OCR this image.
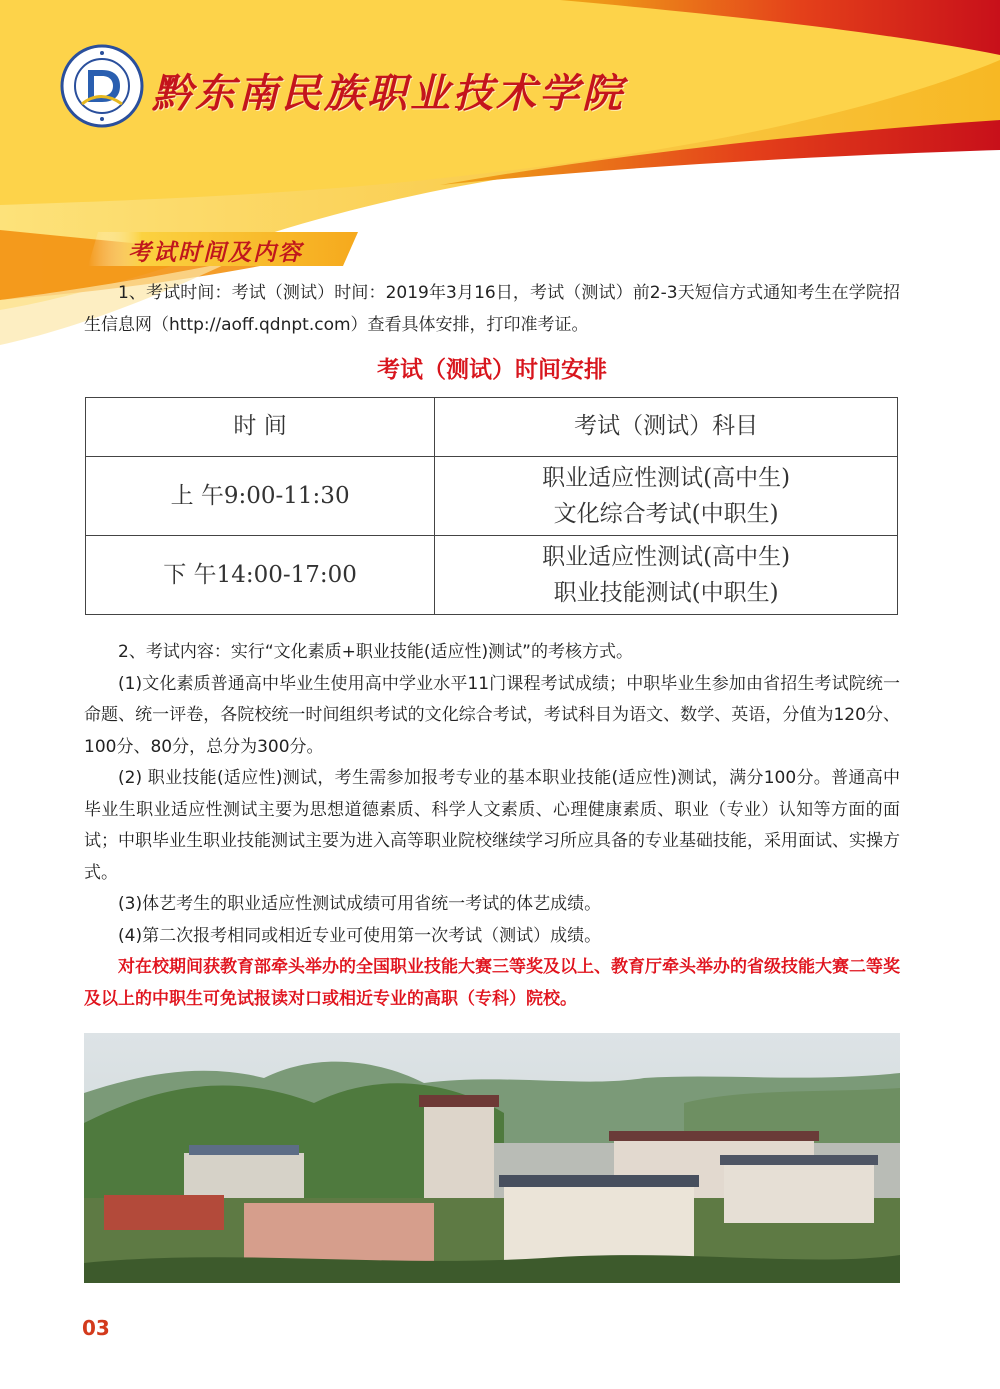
黔东南民族职业技术学院
考试时间及内容

1、考试时间：考试（测试）时间：2019年3月16日，考试（测试）前2-3天短信方式通知考生在学院招生信息网（http://aoff.qdnpt.com）查看具体安排，打印准考证。

考试（测试）时间安排
时 间	考试（测试）科目
上 午9:00-11:30	职业适应性测试(高中生)
文化综合考试(中职生)

下 午14:00-17:00	职业适应性测试(高中生)
职业技能测试(中职生)

2、考试内容：实行“文化素质+职业技能(适应性)测试”的考核方式。

(1)文化素质普通高中毕业生使用高中学业水平11门课程考试成绩；中职毕业生参加由省招生考试院统一命题、统一评卷，各院校统一时间组织考试的文化综合考试，考试科目为语文、数学、英语，分值为120分、100分、80分，总分为300分。

(2) 职业技能(适应性)测试，考生需参加报考专业的基本职业技能(适应性)测试，满分100分。普通高中毕业生职业适应性测试主要为思想道德素质、科学人文素质、心理健康素质、职业（专业）认知等方面的面试；中职毕业生职业技能测试主要为进入高等职业院校继续学习所应具备的专业基础技能，采用面试、实操方式。

(3)体艺考生的职业适应性测试成绩可用省统一考试的体艺成绩。

(4)第二次报考相同或相近专业可使用第一次考试（测试）成绩。

对在校期间获教育部牵头举办的全国职业技能大赛三等奖及以上、教育厅牵头举办的省级技能大赛二等奖及以上的中职生可免试报读对口或相近专业的高职（专科）院校。

03
